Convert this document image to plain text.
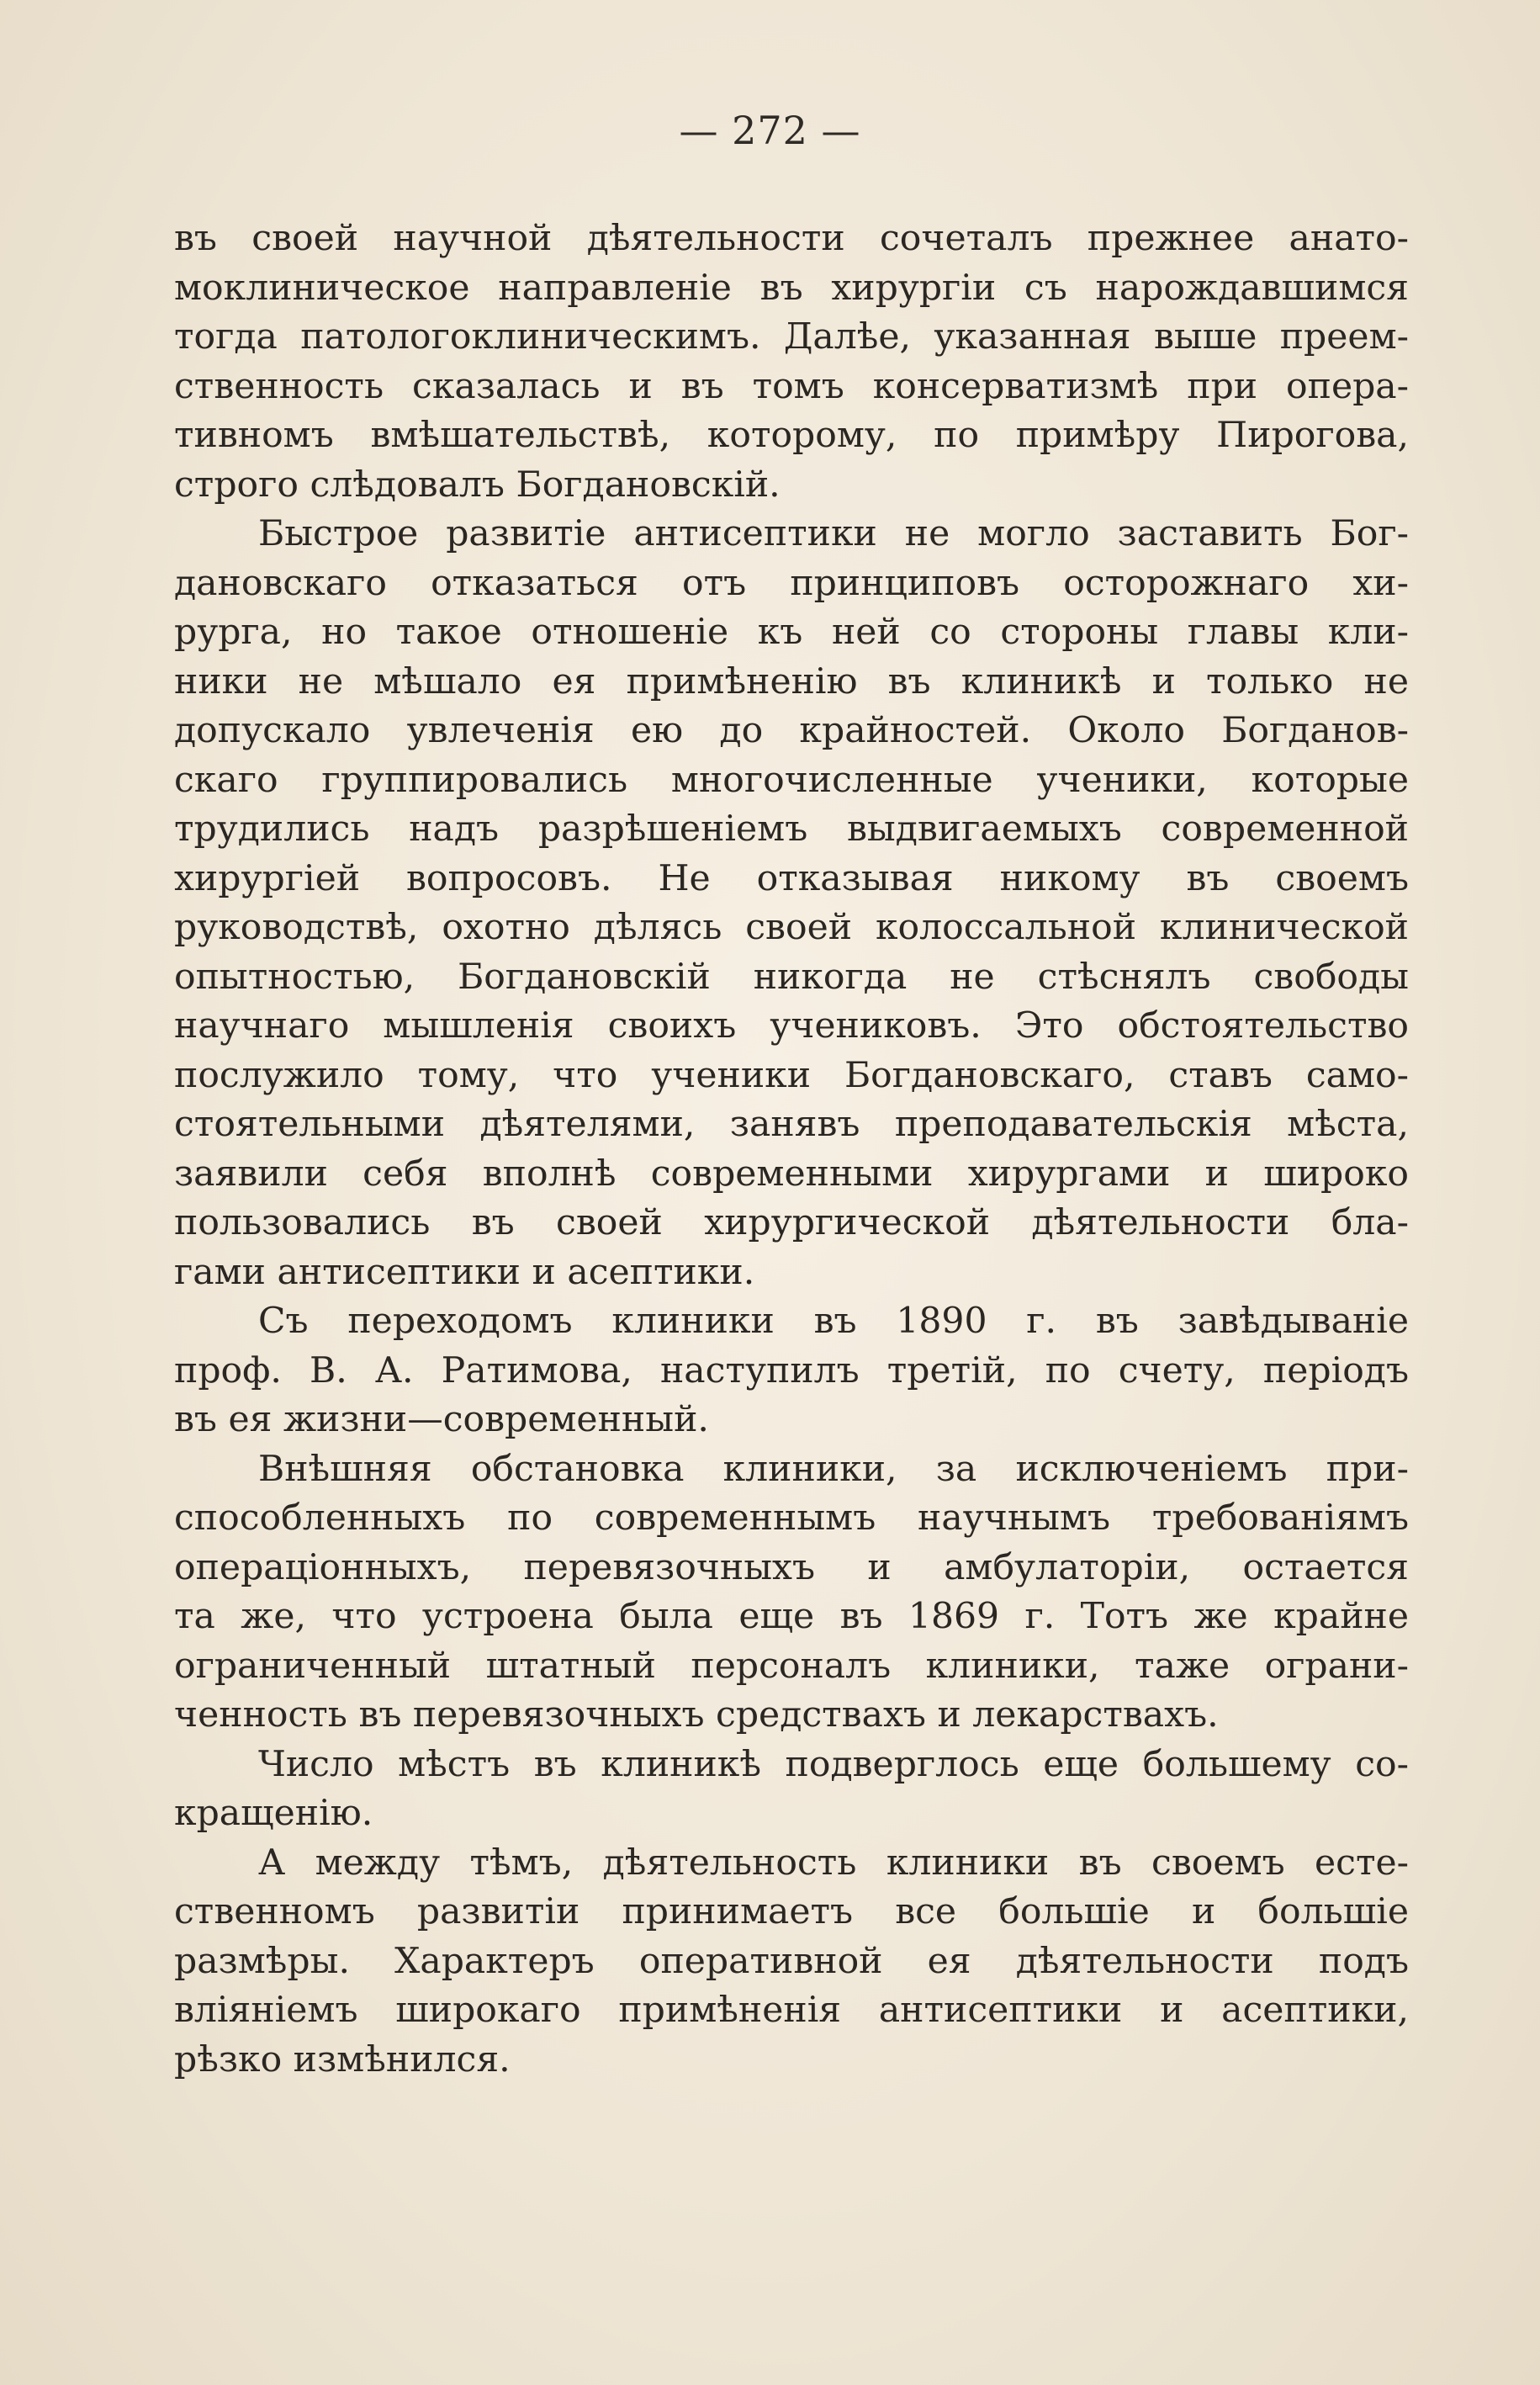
— 272 —

въ своей научной дѣятельности сочеталъ прежнее анато-
моклиническое направленіе въ хирургіи съ нарождавшимся
тогда патологоклиническимъ. Далѣе, указанная выше преем-
ственность сказалась и въ томъ консерватизмѣ при опера-
тивномъ вмѣшательствѣ, которому, по примѣру Пирогова,
строго слѣдовалъ Богдановскій.

Быстрое развитіе антисептики не могло заставить Бог-
дановскаго отказаться отъ принциповъ осторожнаго хи-
рурга, но такое отношеніе къ ней со стороны главы кли-
ники не мѣшало ея примѣненію въ клиникѣ и только не
допускало увлеченія ею до крайностей. Около Богданов-
скаго группировались многочисленные ученики, которые
трудились надъ разрѣшеніемъ выдвигаемыхъ современной
хирургіей вопросовъ. Не отказывая никому въ своемъ
руководствѣ, охотно дѣлясь своей колоссальной клинической
опытностью, Богдановскій никогда не стѣснялъ свободы
научнаго мышленія своихъ учениковъ. Это обстоятельство
послужило тому, что ученики Богдановскаго, ставъ само-
стоятельными дѣятелями, занявъ преподавательскія мѣста,
заявили себя вполнѣ современными хирургами и широко
пользовались въ своей хирургической дѣятельности бла-
гами антисептики и асептики.

Съ переходомъ клиники въ 1890 г. въ завѣдываніе
проф. В. А. Ратимова, наступилъ третій, по счету, періодъ
въ ея жизни—современный.

Внѣшняя обстановка клиники, за исключеніемъ при-
способленныхъ по современнымъ научнымъ требованіямъ
операціонныхъ, перевязочныхъ и амбулаторіи, остается
та же, что устроена была еще въ 1869 г. Тотъ же крайне
ограниченный штатный персоналъ клиники, таже ограни-
ченность въ перевязочныхъ средствахъ и лекарствахъ.

Число мѣстъ въ клиникѣ подверглось еще большему со-
кращенію.

А между тѣмъ, дѣятельность клиники въ своемъ есте-
ственномъ развитіи принимаетъ все большіе и большіе
размѣры. Характеръ оперативной ея дѣятельности подъ
вліяніемъ широкаго примѣненія антисептики и асептики,
рѣзко измѣнился.
